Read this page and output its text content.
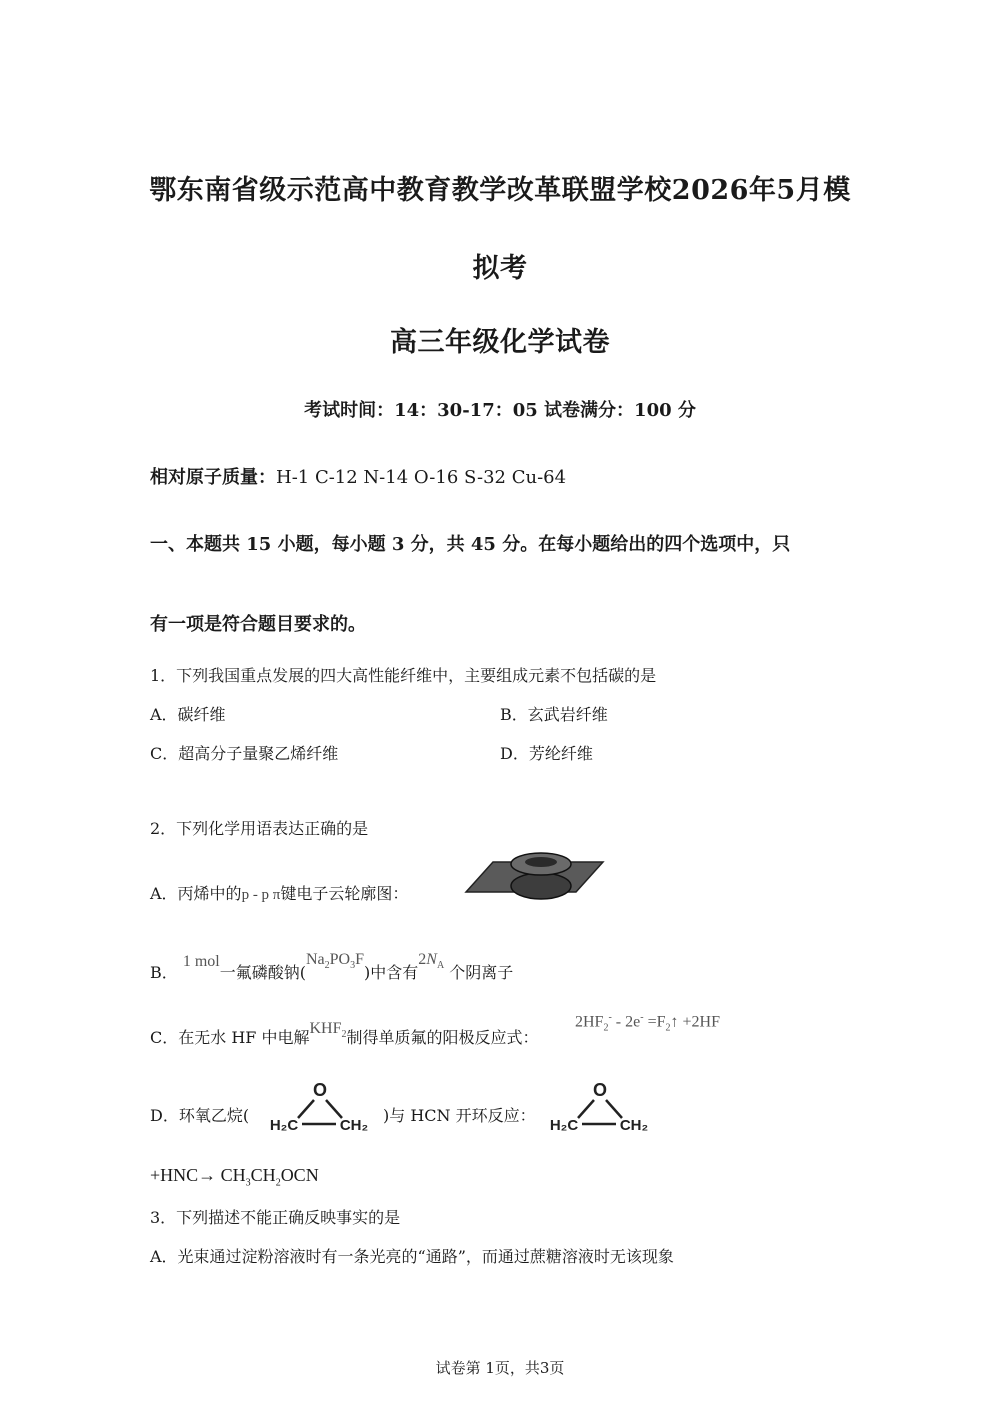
鄂东南省级示范高中教育教学改革联盟学校2026年5月模
拟考
高三年级化学试卷
考试时间：14：30-17：05 试卷满分：100 分
相对原子质量：H-1 C-12 N-14 O-16 S-32 Cu-64
一、本题共 15 小题，每小题 3 分，共 45 分。在每小题给出的四个选项中，只
有一项是符合题目要求的。
1．下列我国重点发展的四大高性能纤维中，主要组成元素不包括碳的是
A．碳纤维	B．玄武岩纤维
C．超高分子量聚乙烯纤维	D．芳纶纤维
2．下列化学用语表达正确的是
A．丙烯中的p - p π键电子云轮廓图：
B． 1 mol一氟磷酸钠$(Na_2PO_3F)$中含有$2N_A$ 个阴离子
C．在无水 HF 中电解$KHF_2$制得单质氟的阳极反应式：
$2HF_2^- - 2e^-$ $=F_2↑ +2HF$
D．环氧乙烷(
O
H₂C	CH₂
)与 HCN 开环反应：
O
H₂C	CH₂
$+HNC\to CH_3CH_2OCN$
3．下列描述不能正确反映事实的是
A．光束通过淀粉溶液时有一条光亮的“通路”，而通过蔗糖溶液时无该现象
试卷第 1页，共3页
